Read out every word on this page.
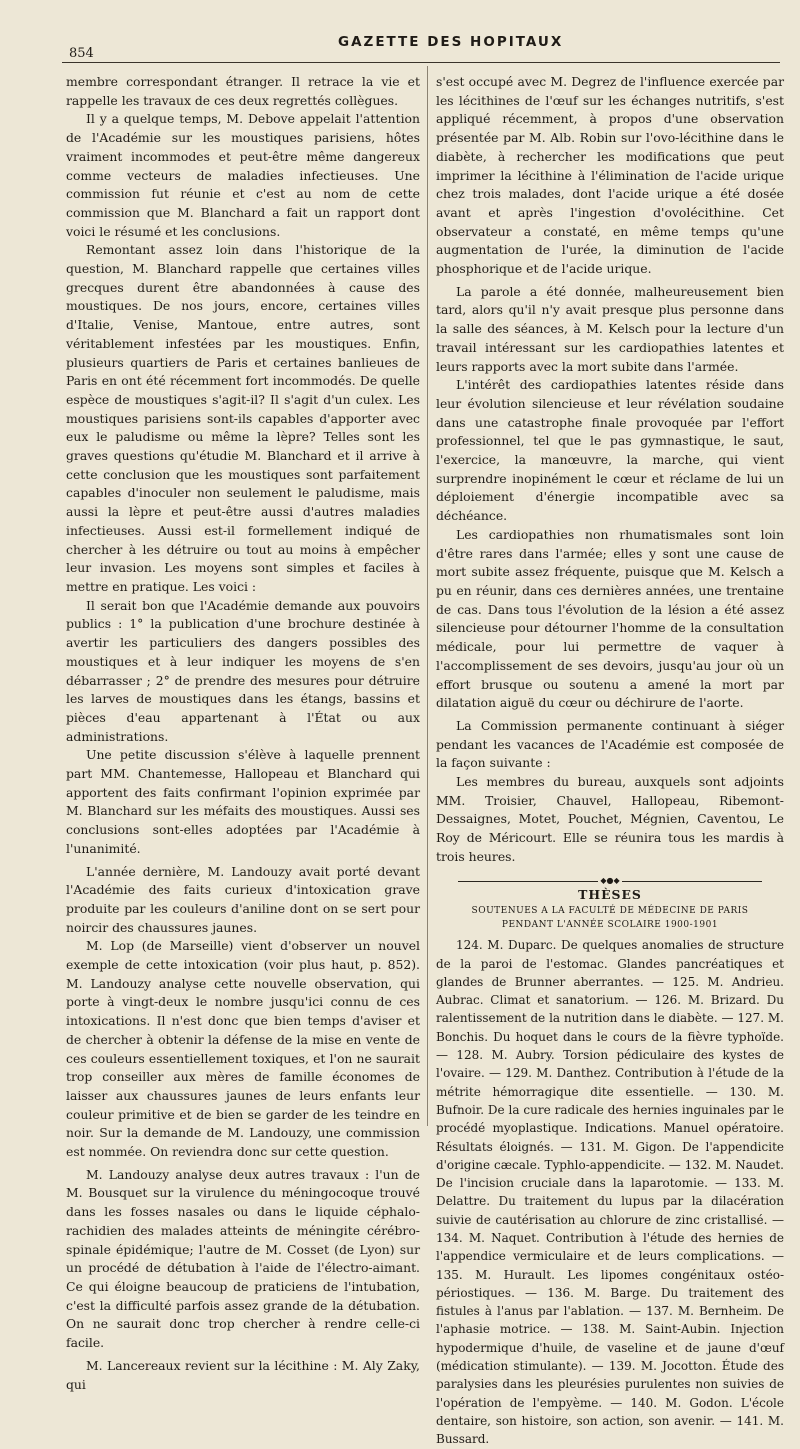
854
GAZETTE DES HOPITAUX

membre correspondant étranger. Il retrace la vie et rappelle les travaux de ces deux regrettés collègues.

Il y a quelque temps, M. Debove appelait l'attention de l'Académie sur les moustiques parisiens, hôtes vraiment incommodes et peut-être même dangereux comme vecteurs de maladies infectieuses. Une commission fut réunie et c'est au nom de cette commission que M. Blanchard a fait un rapport dont voici le résumé et les conclusions.

Remontant assez loin dans l'historique de la question, M. Blanchard rappelle que certaines villes grecques durent être abandonnées à cause des moustiques. De nos jours, encore, certaines villes d'Italie, Venise, Mantoue, entre autres, sont véritablement infestées par les moustiques. Enfin, plusieurs quartiers de Paris et certaines banlieues de Paris en ont été récemment fort incommodés. De quelle espèce de moustiques s'agit-il? Il s'agit d'un culex. Les moustiques parisiens sont-ils capables d'apporter avec eux le paludisme ou même la lèpre? Telles sont les graves questions qu'étudie M. Blanchard et il arrive à cette conclusion que les moustiques sont parfaitement capables d'inoculer non seulement le paludisme, mais aussi la lèpre et peut-être aussi d'autres maladies infectieuses. Aussi est-il formellement indiqué de chercher à les détruire ou tout au moins à empêcher leur invasion. Les moyens sont simples et faciles à mettre en pratique. Les voici :

Il serait bon que l'Académie demande aux pouvoirs publics : 1° la publication d'une brochure destinée à avertir les particuliers des dangers possibles des moustiques et à leur indiquer les moyens de s'en débarrasser ; 2° de prendre des mesures pour détruire les larves de moustiques dans les étangs, bassins et pièces d'eau appartenant à l'État ou aux administrations.

Une petite discussion s'élève à laquelle prennent part MM. Chantemesse, Hallopeau et Blanchard qui apportent des faits confirmant l'opinion exprimée par M. Blanchard sur les méfaits des moustiques. Aussi ses conclusions sont-elles adoptées par l'Académie à l'unanimité.

L'année dernière, M. Landouzy avait porté devant l'Académie des faits curieux d'intoxication grave produite par les couleurs d'aniline dont on se sert pour noircir des chaussures jaunes.

M. Lop (de Marseille) vient d'observer un nouvel exemple de cette intoxication (voir plus haut, p. 852). M. Landouzy analyse cette nouvelle observation, qui porte à vingt-deux le nombre jusqu'ici connu de ces intoxications. Il n'est donc que bien temps d'aviser et de chercher à obtenir la défense de la mise en vente de ces couleurs essentiellement toxiques, et l'on ne saurait trop conseiller aux mères de famille économes de laisser aux chaussures jaunes de leurs enfants leur couleur primitive et de bien se garder de les teindre en noir. Sur la demande de M. Landouzy, une commission est nommée. On reviendra donc sur cette question.

M. Landouzy analyse deux autres travaux : l'un de M. Bousquet sur la virulence du méningocoque trouvé dans les fosses nasales ou dans le liquide céphalo-rachidien des malades atteints de méningite cérébro-spinale épidémique; l'autre de M. Cosset (de Lyon) sur un procédé de détubation à l'aide de l'électro-aimant. Ce qui éloigne beaucoup de praticiens de l'intubation, c'est la difficulté parfois assez grande de la détubation. On ne saurait donc trop chercher à rendre celle-ci facile.

M. Lancereaux revient sur la lécithine : M. Aly Zaky, qui

s'est occupé avec M. Degrez de l'influence exercée par les lécithines de l'œuf sur les échanges nutritifs, s'est appliqué récemment, à propos d'une observation présentée par M. Alb. Robin sur l'ovo-lécithine dans le diabète, à rechercher les modifications que peut imprimer la lécithine à l'élimination de l'acide urique chez trois malades, dont l'acide urique a été dosée avant et après l'ingestion d'ovolécithine. Cet observateur a constaté, en même temps qu'une augmentation de l'urée, la diminution de l'acide phosphorique et de l'acide urique.

La parole a été donnée, malheureusement bien tard, alors qu'il n'y avait presque plus personne dans la salle des séances, à M. Kelsch pour la lecture d'un travail intéressant sur les cardiopathies latentes et leurs rapports avec la mort subite dans l'armée.

L'intérêt des cardiopathies latentes réside dans leur évolution silencieuse et leur révélation soudaine dans une catastrophe finale provoquée par l'effort professionnel, tel que le pas gymnastique, le saut, l'exercice, la manœuvre, la marche, qui vient surprendre inopinément le cœur et réclame de lui un déploiement d'énergie incompatible avec sa déchéance.

Les cardiopathies non rhumatismales sont loin d'être rares dans l'armée; elles y sont une cause de mort subite assez fréquente, puisque que M. Kelsch a pu en réunir, dans ces dernières années, une trentaine de cas. Dans tous l'évolution de la lésion a été assez silencieuse pour détourner l'homme de la consultation médicale, pour lui permettre de vaquer à l'accomplissement de ses devoirs, jusqu'au jour où un effort brusque ou soutenu a amené la mort par dilatation aiguë du cœur ou déchirure de l'aorte.

La Commission permanente continuant à siéger pendant les vacances de l'Académie est composée de la façon suivante :

Les membres du bureau, auxquels sont adjoints MM. Troisier, Chauvel, Hallopeau, Ribemont-Dessaignes, Motet, Pouchet, Mégnien, Caventou, Le Roy de Méricourt. Elle se réunira tous les mardis à trois heures.

◆●◆
THÈSES
SOUTENUES A LA FACULTÉ DE MÉDECINE DE PARIS
PENDANT L'ANNÉE SCOLAIRE 1900-1901

124. M. Duparc. De quelques anomalies de structure de la paroi de l'estomac. Glandes pancréatiques et glandes de Brunner aberrantes. — 125. M. Andrieu. Aubrac. Climat et sanatorium. — 126. M. Brizard. Du ralentissement de la nutrition dans le diabète. — 127. M. Bonchis. Du hoquet dans le cours de la fièvre typhoïde. — 128. M. Aubry. Torsion pédiculaire des kystes de l'ovaire. — 129. M. Danthez. Contribution à l'étude de la métrite hémorragique dite essentielle. — 130. M. Bufnoir. De la cure radicale des hernies inguinales par le procédé myoplastique. Indications. Manuel opératoire. Résultats éloignés. — 131. M. Gigon. De l'appendicite d'origine cæcale. Typhlo-appendicite. — 132. M. Naudet. De l'incision cruciale dans la laparotomie. — 133. M. Delattre. Du traitement du lupus par la dilacération suivie de cautérisation au chlorure de zinc cristallisé. — 134. M. Naquet. Contribution à l'étude des hernies de l'appendice vermiculaire et de leurs complications. — 135. M. Hurault. Les lipomes congénitaux ostéo-périostiques. — 136. M. Barge. Du traitement des fistules à l'anus par l'ablation. — 137. M. Bernheim. De l'aphasie motrice. — 138. M. Saint-Aubin. Injection hypodermique d'huile, de vaseline et de jaune d'œuf (médication stimulante). — 139. M. Jocotton. Étude des paralysies dans les pleurésies purulentes non suivies de l'opération de l'empyème. — 140. M. Godon. L'école dentaire, son histoire, son action, son avenir. — 141. M. Bussard.
